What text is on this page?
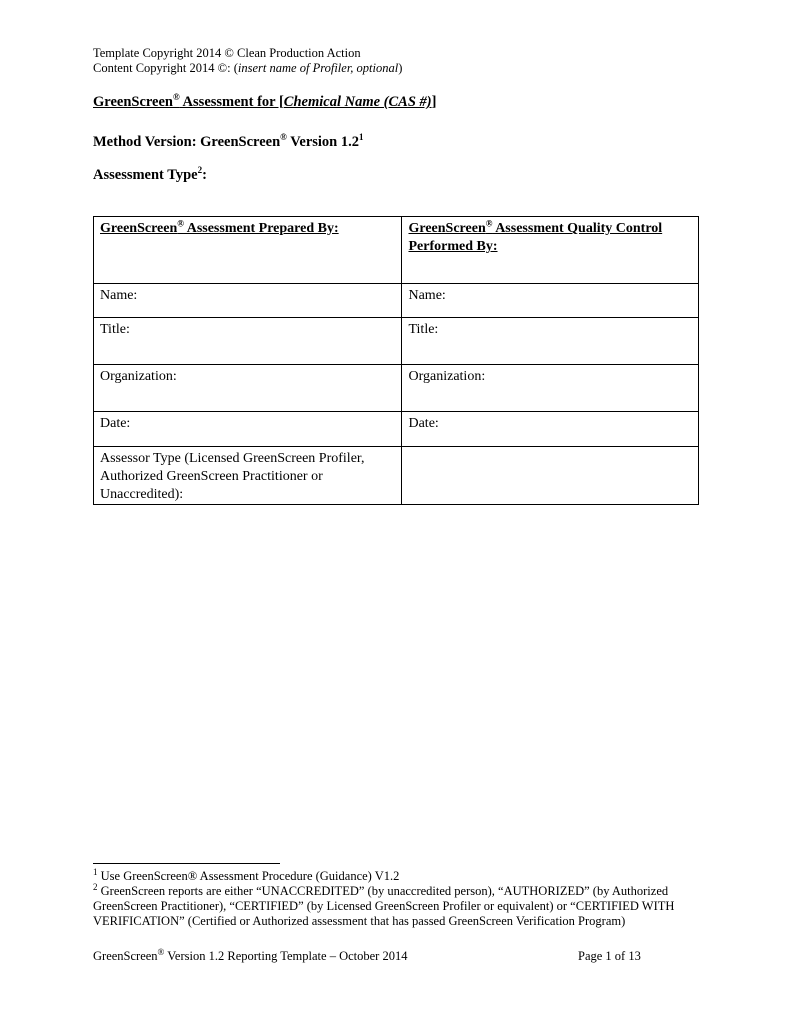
Template Copyright 2014 © Clean Production Action
Content Copyright 2014 ©: (insert name of Profiler, optional)
GreenScreen® Assessment for [Chemical Name (CAS #)]
Method Version: GreenScreen® Version $1.2^1$
Assessment Type$^2$:
GreenScreen® Assessment Prepared By:	GreenScreen® Assessment Quality Control Performed By:
Name:	Name:
Title:	Title:
Organization:	Organization:
Date:	Date:
Assessor Type (Licensed GreenScreen Profiler, Authorized GreenScreen Practitioner or Unaccredited):	
$^1$ Use GreenScreen® Assessment Procedure (Guidance) V1.2
$^2$ GreenScreen reports are either “UNACCREDITED” (by unaccredited person), “AUTHORIZED” (by Authorized GreenScreen Practitioner), “CERTIFIED” (by Licensed GreenScreen Profiler or equivalent) or “CERTIFIED WITH VERIFICATION” (Certified or Authorized assessment that has passed GreenScreen Verification Program)
GreenScreen® Version 1.2 Reporting Template – October 2014	Page 1 of 13
